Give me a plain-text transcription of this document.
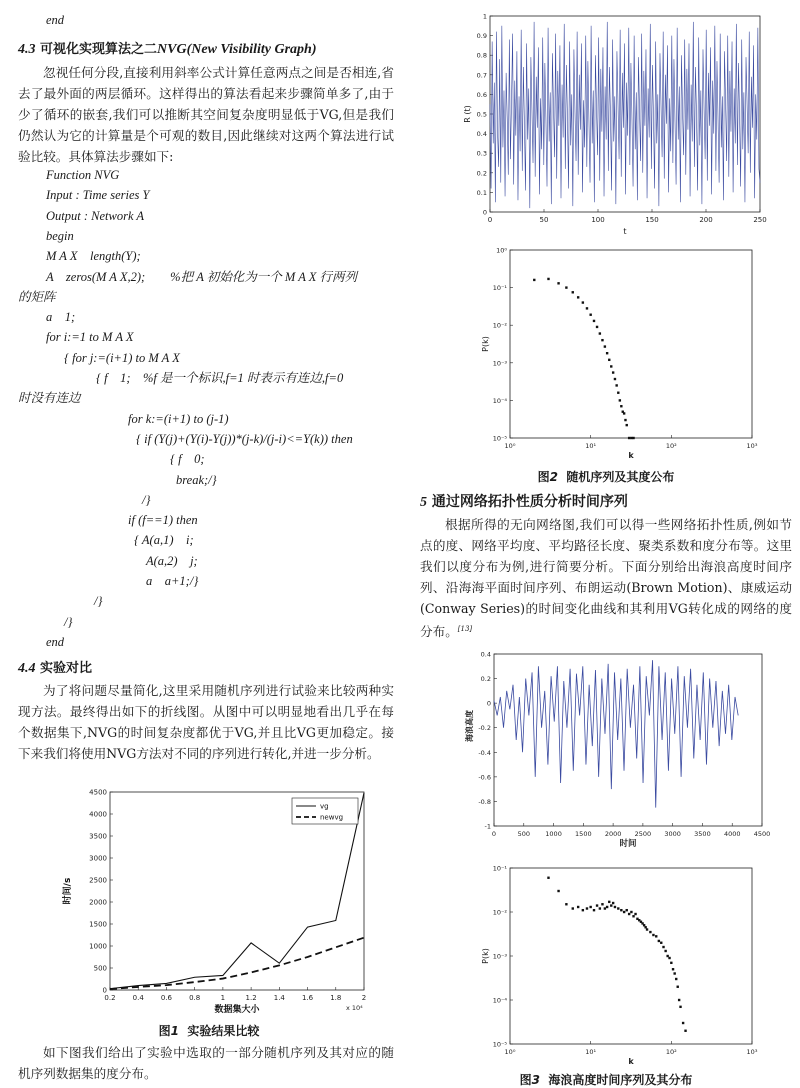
end
4.3 可视化实现算法之二NVG(New Visibility Graph)

忽视任何分段,直接利用斜率公式计算任意两点之间是否相连,省去了最外面的两层循环。这样得出的算法看起来步骤简单多了,由于少了循环的嵌套,我们可以推断其空间复杂度明显低于VG,但是我们仍然认为它的计算量是个可观的数目,因此继续对这两个算法进行试验比较。具体算法步骤如下:

Function NVG
Input : Time series Y
Output : Network A
begin
M A X    length(Y);
A    zeros(M A X,2);        %把 A 初始化为一个 M A X 行两列
的矩阵
a    1;
for i:=1 to M A X
{ for j:=(i+1) to M A X
{ f    1;    %f 是一个标识,f=1 时表示有连边,f=0
时没有连边
for k:=(i+1) to (j-1)
{ if (Y(j)+(Y(i)-Y(j))*(j-k)/(j-i)<=Y(k)) then
{ f    0;
break;/}
/}
if (f==1) then
{ A(a,1)    i;
A(a,2)    j;
a    a+1;/}
/}
/}
end
4.4 实验对比

为了将问题尽量简化,这里采用随机序列进行试验来比较两种实现方法。最终得出如下的折线图。从图中可以明显地看出几乎在每个数据集下,NVG的时间复杂度都优于VG,并且比VG更加稳定。接下来我们将使用NVG方法对不同的序列进行转化,并进一步分析。

0.2 0.4 0.6 0.8	1	1.2 1.4 1.6 1.8	2
0
500
1000
1500
2000
2500
3000
3500
4000
4500
x 10⁴
数据集大小
时间/s
vg
newvg
图1 实验结果比较

如下图我们给出了实验中选取的一部分随机序列及其对应的随机序列数据集的度分布。

0	50	100	150	200	250
0
0.1
0.2
0.3
0.4
0.5
0.6
0.7
0.8
0.9
1
t
R (t)
10⁰	10¹	10²	10³
10⁻⁵
10⁻⁴
10⁻³
10⁻²
10⁻¹
10⁰
k
P(k)
图2 随机序列及其度公布
5 通过网络拓扑性质分析时间序列

根据所得的无向网络图,我们可以得一些网络拓扑性质,例如节点的度、网络平均度、平均路径长度、聚类系数和度分布等。这里我们以度分布为例,进行简要分析。下面分别给出海浪高度时间序列、沿海海平面时间序列、布朗运动(Brown Motion)、康威运动(Conway Series)的时间变化曲线和其利用VG转化成的网络的度分布。[13]

0	500 1000 1500 2000 2500 3000 3500 4000 4500
-1
-0.8
-0.6
-0.4
-0.2
0
0.2
0.4
时间
海浪高度
10⁰	10¹	10²	10³
10⁻⁵
10⁻⁴
10⁻³
10⁻²
10⁻¹
k
P(k)
图3 海浪高度时间序列及其分布
